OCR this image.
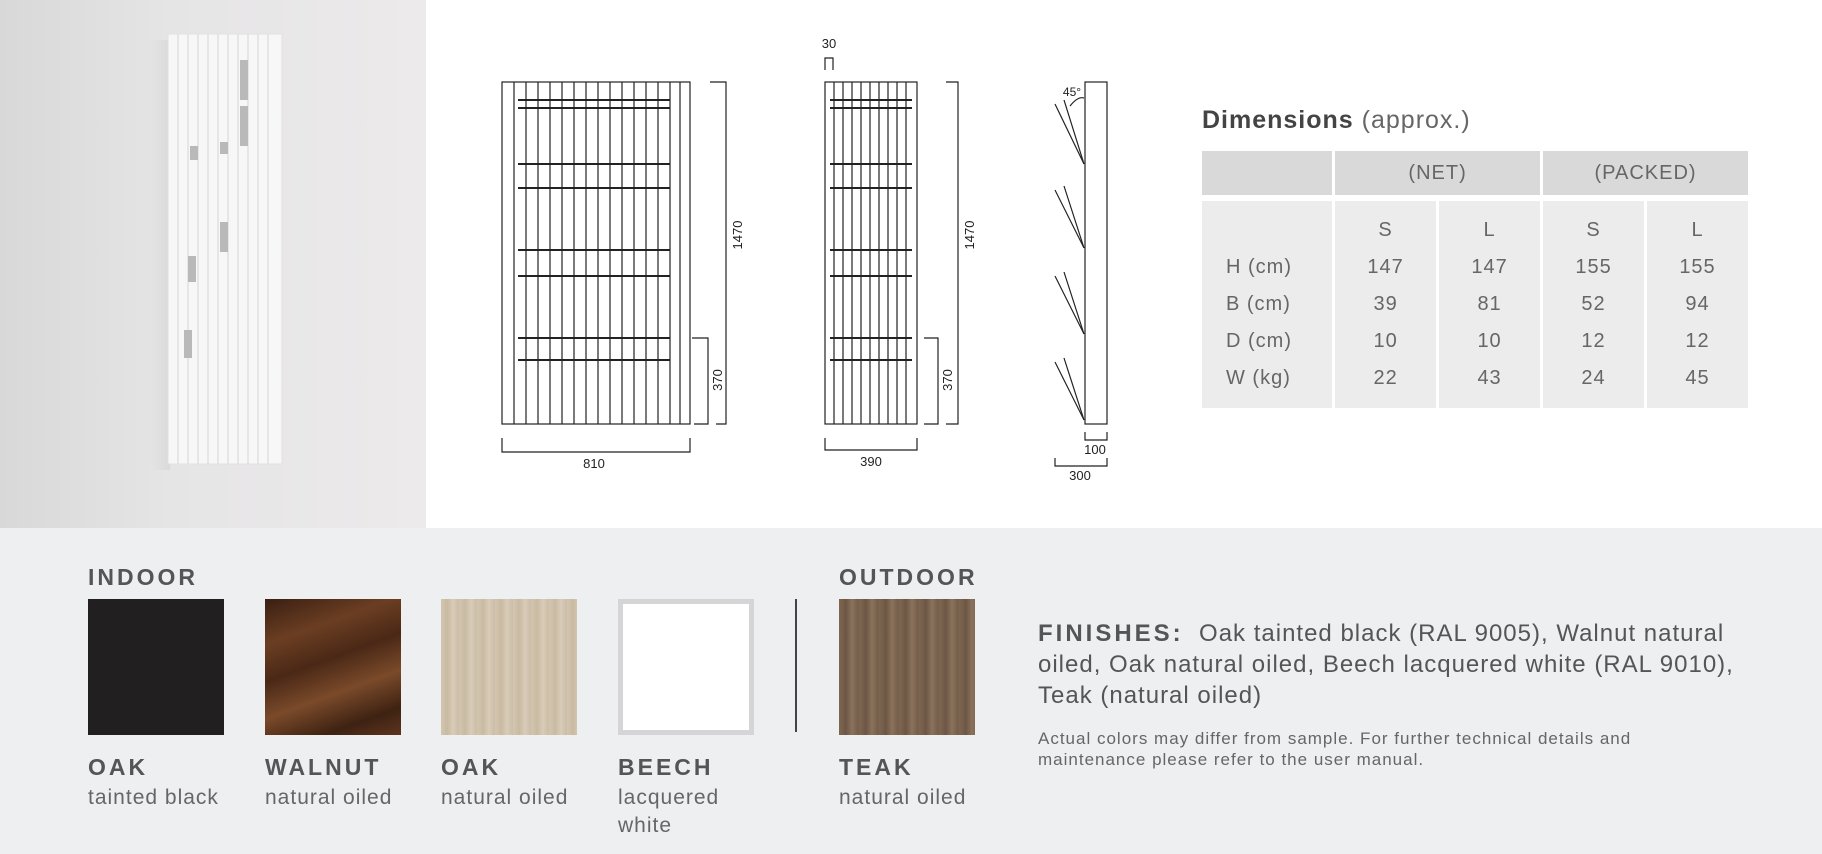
810
1470
370
30
390
1470
370
45°
100
300
Dimensions (approx.)
	(NET)		(PACKED)	

	S	L	S	L
H (cm)	147	147	155	155
B (cm)	39	81	52	94
D (cm)	10	10	12	12
W (kg)	22	43	24	45
INDOOR	OUTDOOR
OAK
tainted black
WALNUT
natural oiled
OAK
natural oiled
BEECH
lacquered white
TEAK
natural oiled
FINISHES: Oak tainted black (RAL 9005), Walnut natural oiled, Oak natural oiled, Beech lacquered white (RAL 9010), Teak (natural oiled)
Actual colors may differ from sample. For further technical details and maintenance please refer to the user manual.
